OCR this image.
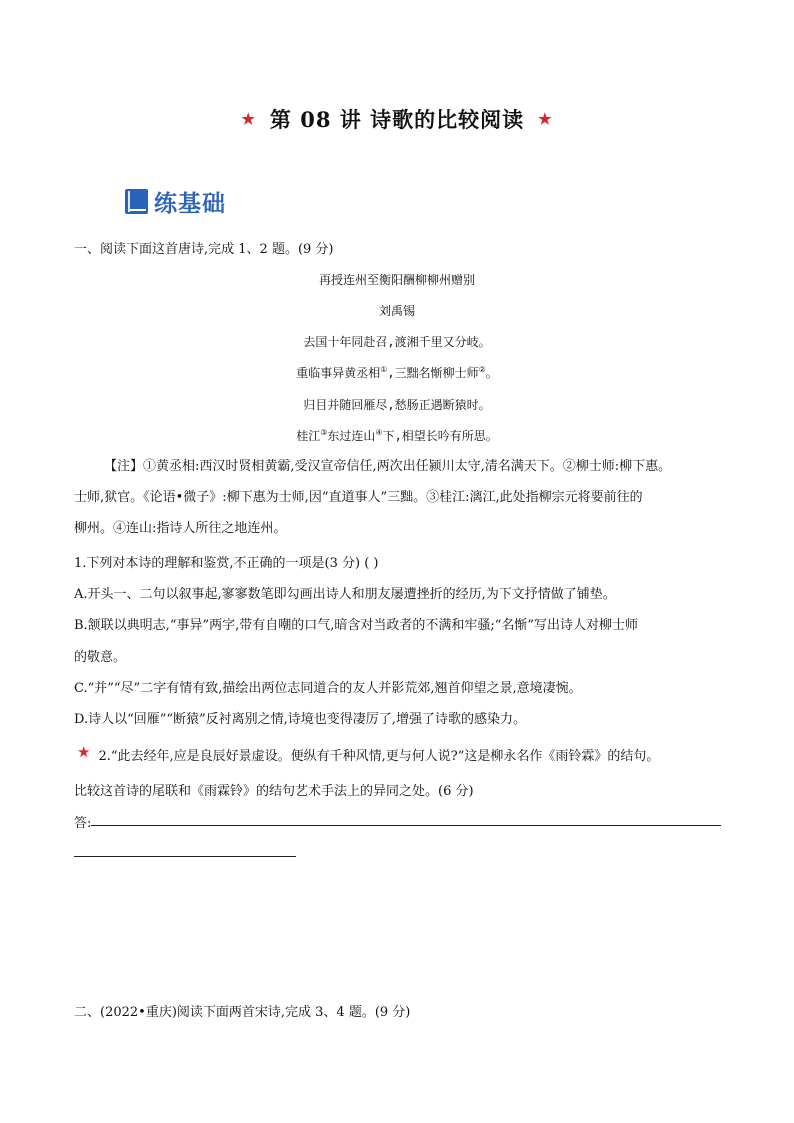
★ 第 08 讲 诗歌的比较阅读 ★
练基础
一、阅读下面这首唐诗,完成 1、2 题。(9 分)
再授连州至衡阳酬柳柳州赠别
刘禹锡
去国十年同赴召,渡湘千里又分岐。
重临事异黄丞相①,三黜名惭柳士师②。
归目并随回雁尽,愁肠正遇断猿时。
桂江③东过连山④下,相望长吟有所思。
【注】①黄丞相:西汉时贤相黄霸,受汉宣帝信任,两次出任颍川太守,清名满天下。②柳士师:柳下惠。
士师,狱官。《论语•微子》:柳下惠为士师,因“直道事人”三黜。③桂江:漓江,此处指柳宗元将要前往的
柳州。④连山:指诗人所往之地连州。
1.下列对本诗的理解和鉴赏,不正确的一项是(3 分) ( )
A.开头一、二句以叙事起,寥寥数笔即勾画出诗人和朋友屡遭挫折的经历,为下文抒情做了铺垫。
B.颔联以典明志,“事异”两字,带有自嘲的口气,暗含对当政者的不满和牢骚;“名惭”写出诗人对柳士师
的敬意。
C.“并”“尽”二字有情有致,描绘出两位志同道合的友人并影荒郊,翘首仰望之景,意境凄惋。
D.诗人以“回雁”“断猿”反衬离别之情,诗境也变得凄厉了,增强了诗歌的感染力。
★ 2.“此去经年,应是良辰好景虚设。便纵有千种风情,更与何人说?”这是柳永名作《雨铃霖》的结句。
比较这首诗的尾联和《雨霖铃》的结句艺术手法上的异同之处。(6 分)
答:
二、(2022•重庆)阅读下面两首宋诗,完成 3、4 题。(9 分)
